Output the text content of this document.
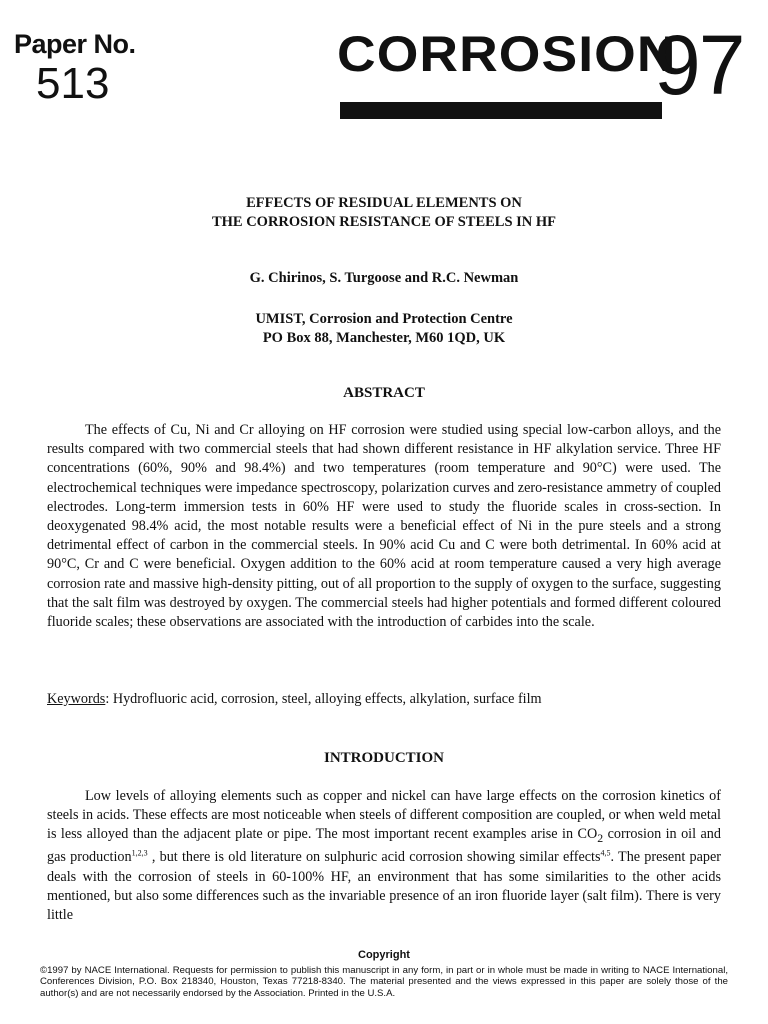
Paper No.
513
CORROSION
97
EFFECTS OF RESIDUAL ELEMENTS ON
THE CORROSION RESISTANCE OF STEELS IN HF
G. Chirinos, S. Turgoose and R.C. Newman
UMIST, Corrosion and Protection Centre
PO Box 88, Manchester, M60 1QD, UK
ABSTRACT

The effects of Cu, Ni and Cr alloying on HF corrosion were studied using special low-carbon alloys, and the results compared with two commercial steels that had shown different resistance in HF alkylation service. Three HF concentrations (60%, 90% and 98.4%) and two temperatures (room temperature and 90°C) were used. The electrochemical techniques were impedance spectroscopy, polarization curves and zero-resistance ammetry of coupled electrodes. Long-term immersion tests in 60% HF were used to study the fluoride scales in cross-section. In deoxygenated 98.4% acid, the most notable results were a beneficial effect of Ni in the pure steels and a strong detrimental effect of carbon in the commercial steels. In 90% acid Cu and C were both detrimental. In 60% acid at 90°C, Cr and C were beneficial. Oxygen addition to the 60% acid at room temperature caused a very high average corrosion rate and massive high-density pitting, out of all proportion to the supply of oxygen to the surface, suggesting that the salt film was destroyed by oxygen. The commercial steels had higher potentials and formed different coloured fluoride scales; these observations are associated with the introduction of carbides into the scale.

Keywords: Hydrofluoric acid, corrosion, steel, alloying effects, alkylation, surface film
INTRODUCTION

Low levels of alloying elements such as copper and nickel can have large effects on the corrosion kinetics of steels in acids. These effects are most noticeable when steels of different composition are coupled, or when weld metal is less alloyed than the adjacent plate or pipe. The most important recent examples arise in $CO_2$ corrosion in oil and gas production$^{1,2,3}$ , but there is old literature on sulphuric acid corrosion showing similar effects$^{4,5}$. The present paper deals with the corrosion of steels in 60-100% HF, an environment that has some similarities to the other acids mentioned, but also some differences such as the invariable presence of an iron fluoride layer (salt film). There is very little

Copyright
©1997 by NACE International. Requests for permission to publish this manuscript in any form, in part or in whole must be made in writing to NACE International, Conferences Division, P.O. Box 218340, Houston, Texas 77218-8340. The material presented and the views expressed in this paper are solely those of the author(s) and are not necessarily endorsed by the Association. Printed in the U.S.A.
